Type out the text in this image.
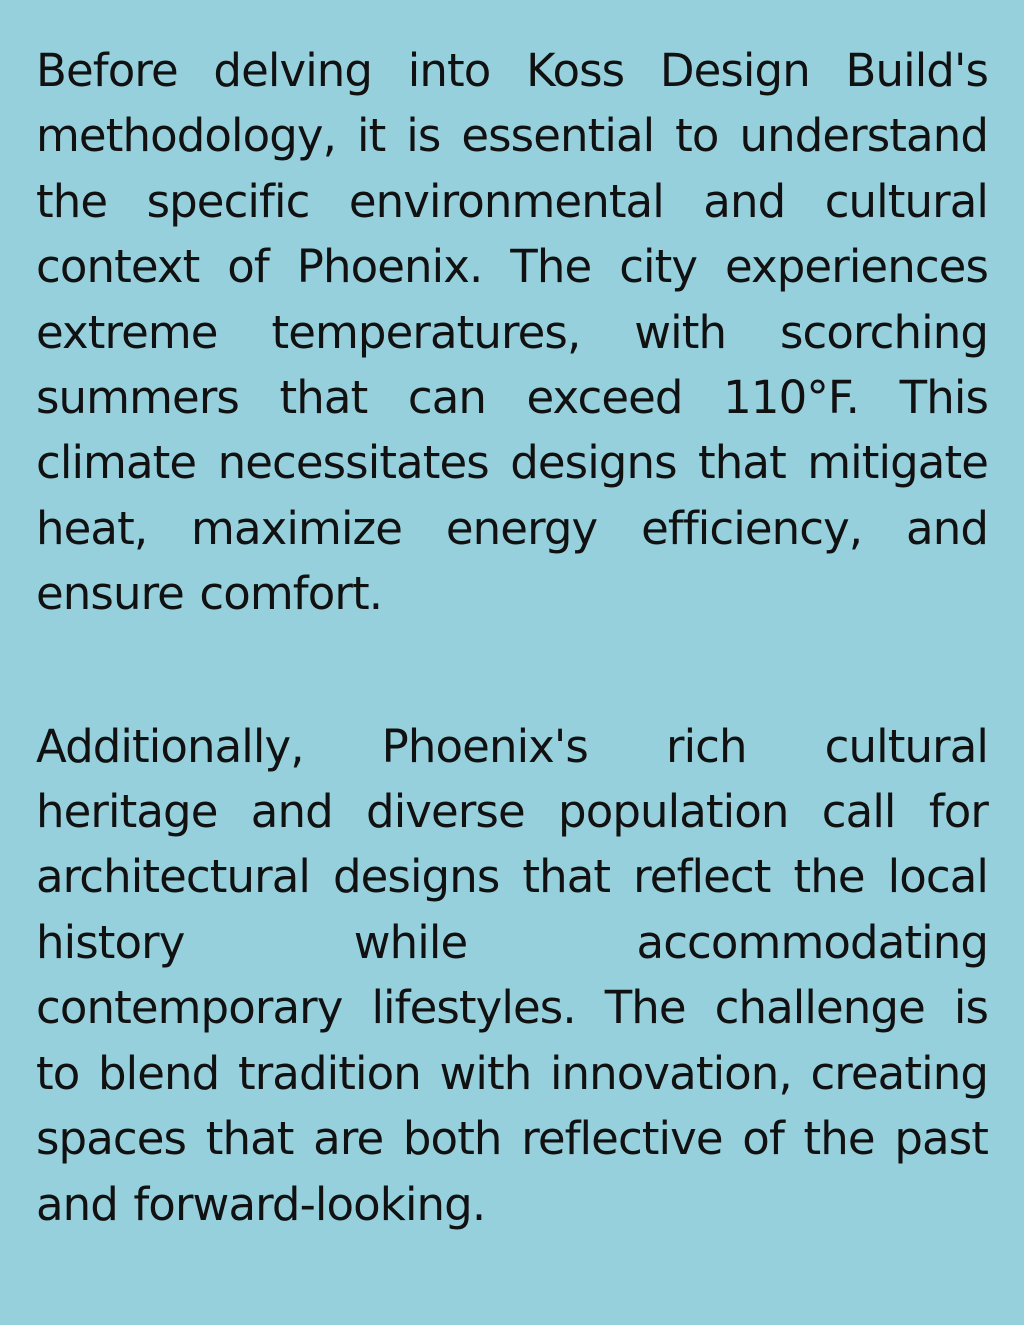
Before delving into Koss Design Build's methodology, it is essential to understand the specific environmental and cultural context of Phoenix. The city experiences extreme temperatures, with scorching summers that can exceed 110°F. This climate necessitates designs that mitigate heat, maximize energy efficiency, and ensure comfort.

Additionally, Phoenix's rich cultural heritage and diverse population call for architectural designs that reflect the local history while accommodating contemporary lifestyles. The challenge is to blend tradition with innovation, creating spaces that are both reflective of the past and forward-looking.
